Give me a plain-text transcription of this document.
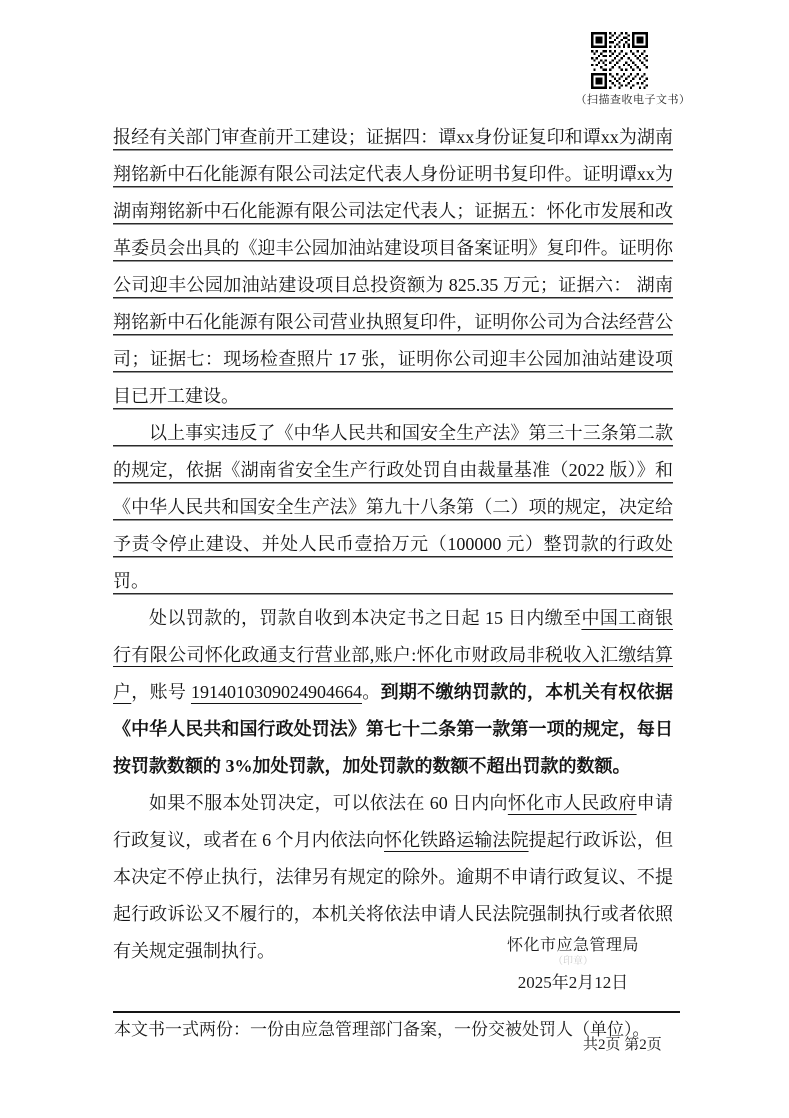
（扫描查收电子文书）

报经有关部门审查前开工建设；证据四：谭xx身份证复印和谭xx为湖南翔铭新中石化能源有限公司法定代表人身份证明书复印件。证明谭xx为 湖南翔铭新中石化能源有限公司法定代表人；证据五：怀化市发展和改革委员会出具的《迎丰公园加油站建设项目备案证明》复印件。证明你公司迎丰公园加油站建设项目总投资额为 825.35 万元；证据六： 湖南翔铭新中石化能源有限公司营业执照复印件，证明你公司为合法经营公司；证据七：现场检查照片 17 张，证明你公司迎丰公园加油站建设项目已开工建设。

以上事实违反了《中华人民共和国安全生产法》第三十三条第二款的规定，依据《湖南省安全生产行政处罚自由裁量基准（2022 版）》和《中华人民共和国安全生产法》第九十八条第（二）项的规定，决定给予责令停止建设、并处人民币壹拾万元（100000 元）整罚款的行政处罚。

处以罚款的，罚款自收到本决定书之日起 15 日内缴至中国工商银行有限公司怀化政通支行营业部,账户:怀化市财政局非税收入汇缴结算户，账号 1914010309024904664。到期不缴纳罚款的，本机关有权依据《中华人民共和国行政处罚法》第七十二条第一款第一项的规定，每日按罚款数额的 3%加处罚款，加处罚款的数额不超出罚款的数额。

如果不服本处罚决定，可以依法在 60 日内向怀化市人民政府申请行政复议，或者在 6 个月内依法向怀化铁路运输法院提起行政诉讼，但本决定不停止执行，法律另有规定的除外。逾期不申请行政复议、不提起行政诉讼又不履行的，本机关将依法申请人民法院强制执行或者依照有关规定强制执行。	怀化市应急管理局
（印章）
2025年2月12日
本文书一式两份：一份由应急管理部门备案，一份交被处罚人（单位）。
共2页 第2页
